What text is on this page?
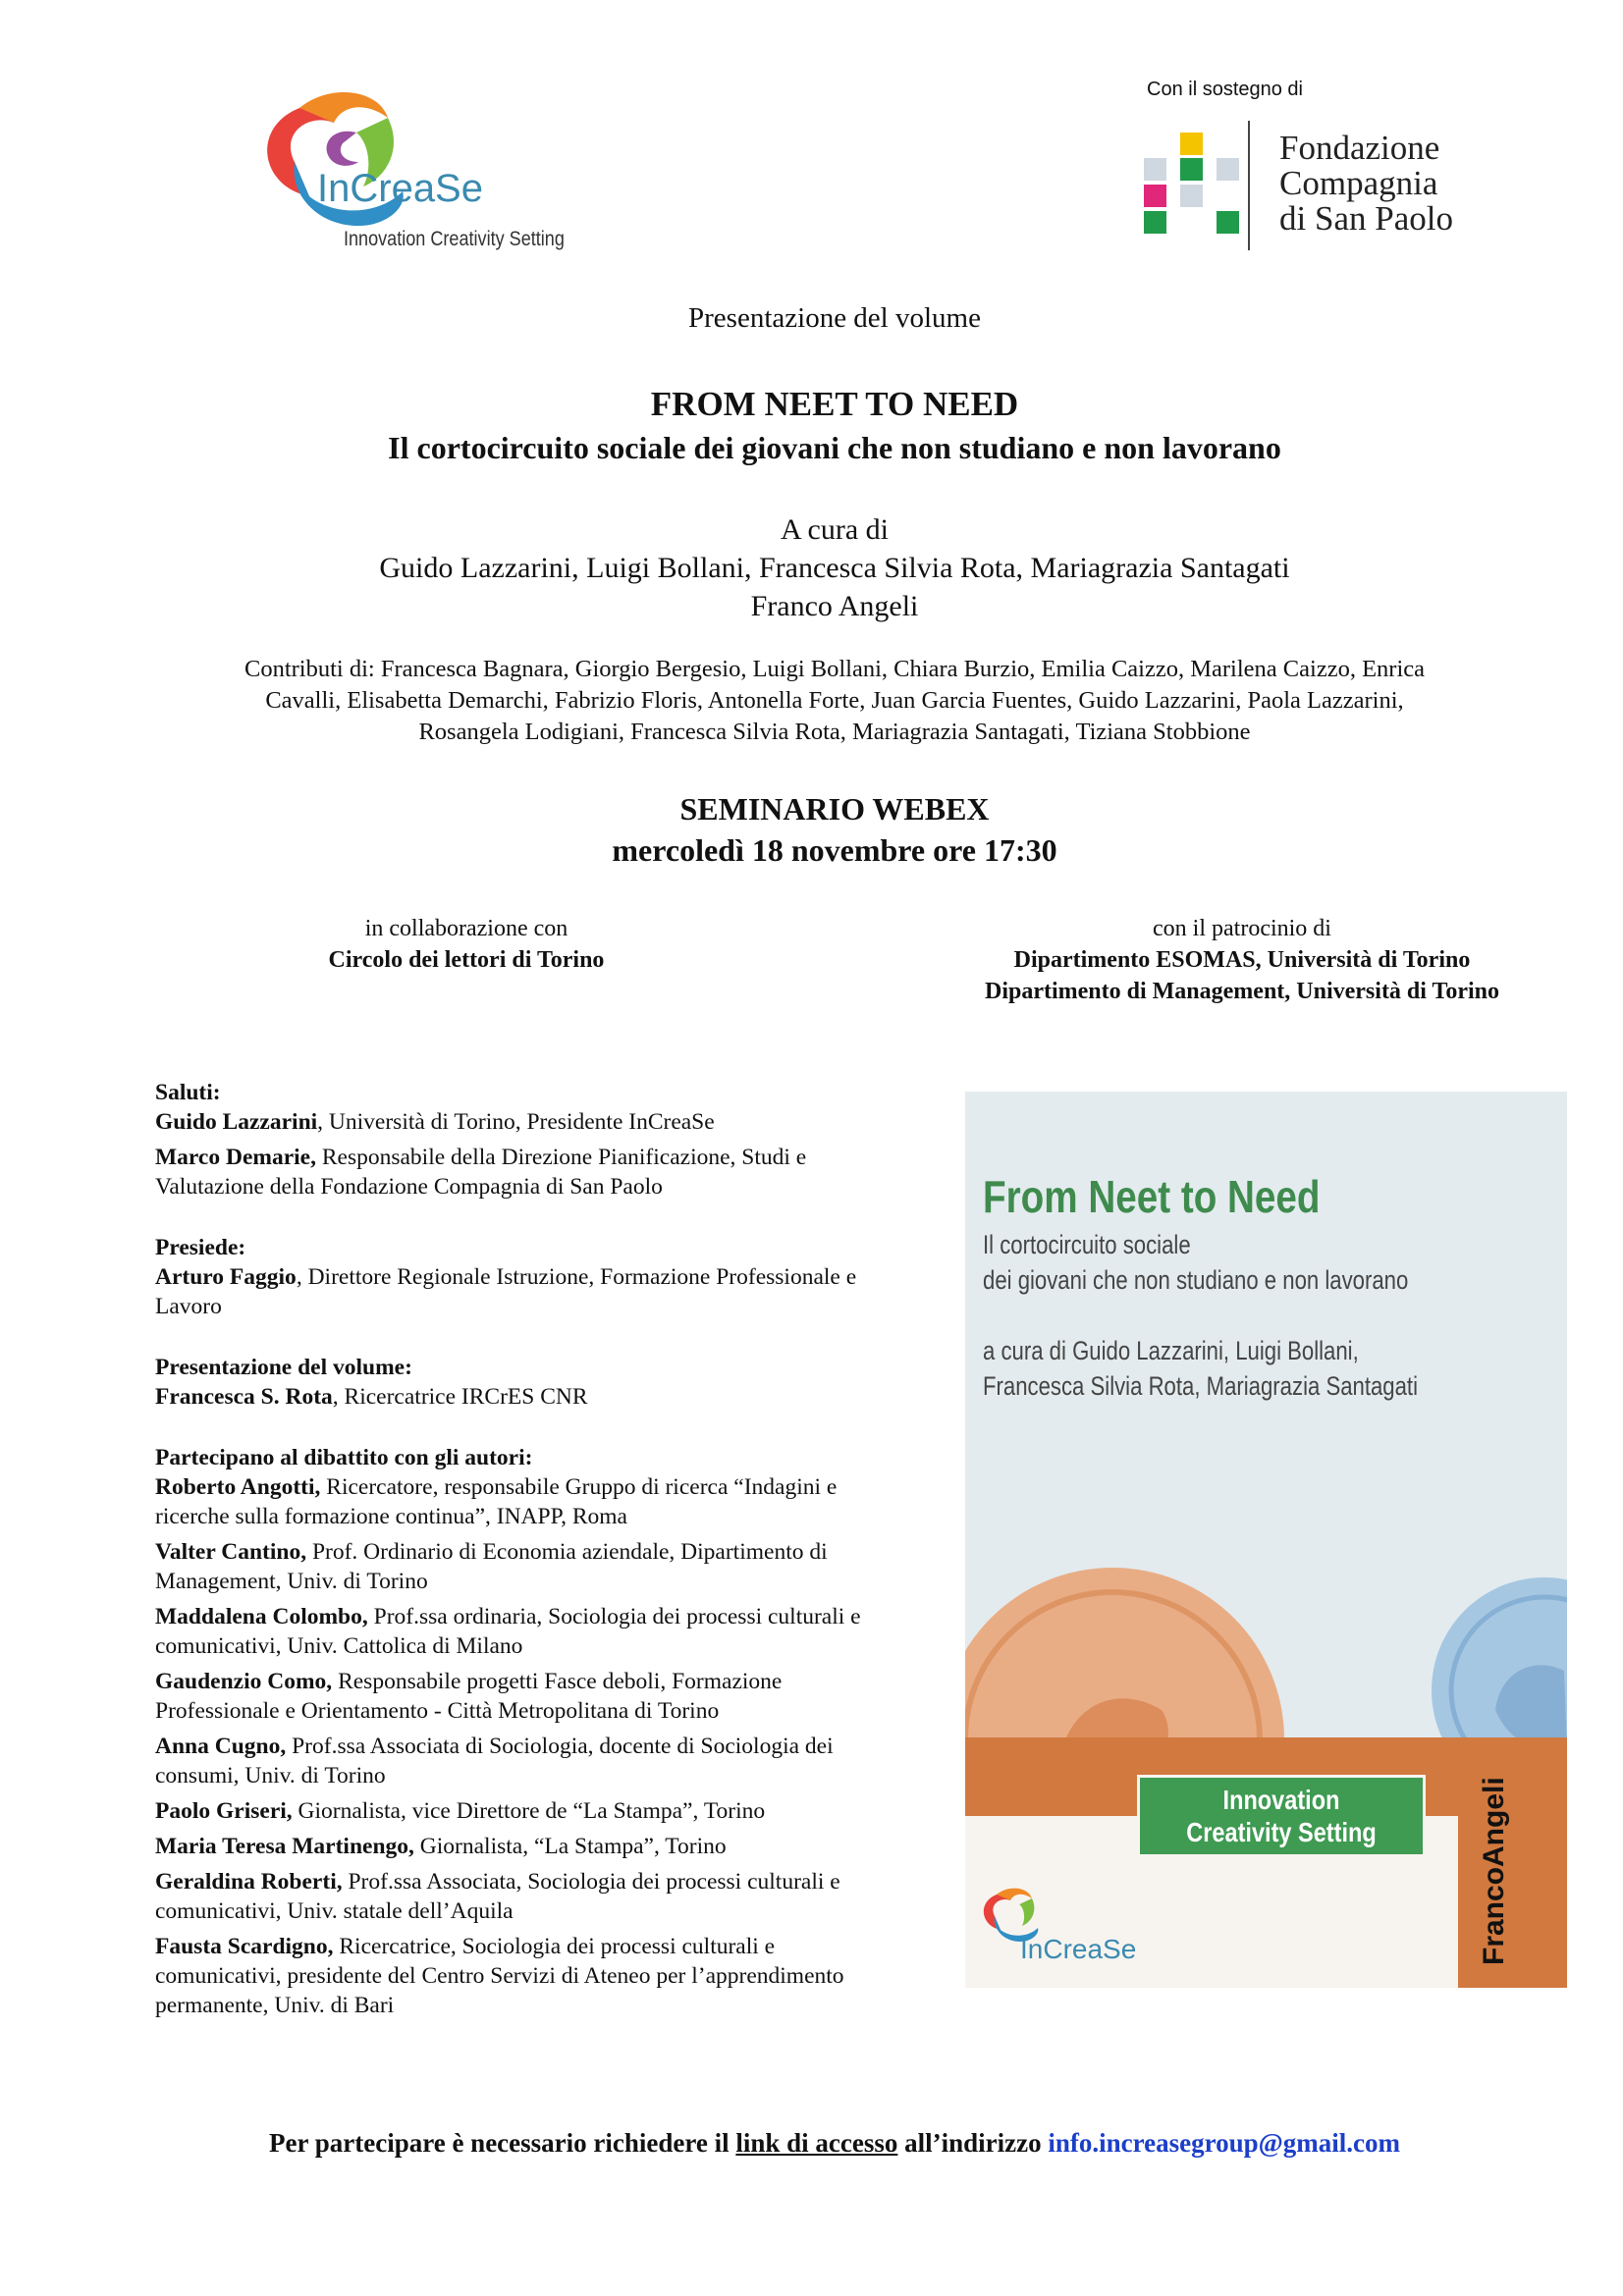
InCreaSe
Innovation Creativity Setting
Con il sostegno di
Fondazione
Compagnia
di San Paolo
Presentazione del volume
FROM NEET TO NEED
Il cortocircuito sociale dei giovani che non studiano e non lavorano
A cura di
Guido Lazzarini, Luigi Bollani, Francesca Silvia Rota, Mariagrazia Santagati
Franco Angeli
Contributi di: Francesca Bagnara, Giorgio Bergesio, Luigi Bollani, Chiara Burzio, Emilia Caizzo, Marilena Caizzo, Enrica
Cavalli, Elisabetta Demarchi, Fabrizio Floris, Antonella Forte, Juan Garcia Fuentes, Guido Lazzarini, Paola Lazzarini,
Rosangela Lodigiani, Francesca Silvia Rota, Mariagrazia Santagati, Tiziana Stobbione
SEMINARIO WEBEX
mercoledì 18 novembre ore 17:30
in collaborazione con
Circolo dei lettori di Torino
con il patrocinio di
Dipartimento ESOMAS, Università di Torino
Dipartimento di Management, Università di Torino
Saluti:
Guido Lazzarini, Università di Torino, Presidente InCreaSe
Marco Demarie, Responsabile della Direzione Pianificazione, Studi e Valutazione della Fondazione Compagnia di San Paolo
Presiede:
Arturo Faggio, Direttore Regionale Istruzione, Formazione Professionale e Lavoro
Presentazione del volume:
Francesca S. Rota, Ricercatrice IRCrES CNR
Partecipano al dibattito con gli autori:
Roberto Angotti, Ricercatore, responsabile Gruppo di ricerca “Indagini e ricerche sulla formazione continua”, INAPP, Roma
Valter Cantino, Prof. Ordinario di Economia aziendale, Dipartimento di Management, Univ. di Torino
Maddalena Colombo, Prof.ssa ordinaria, Sociologia dei processi culturali e comunicativi, Univ. Cattolica di Milano
Gaudenzio Como, Responsabile progetti Fasce deboli, Formazione Professionale e Orientamento - Città Metropolitana di Torino
Anna Cugno, Prof.ssa Associata di Sociologia, docente di Sociologia dei consumi, Univ. di Torino
Paolo Griseri, Giornalista, vice Direttore de “La Stampa”, Torino
Maria Teresa Martinengo, Giornalista, “La Stampa”, Torino
Geraldina Roberti, Prof.ssa Associata, Sociologia dei processi culturali e comunicativi, Univ. statale dell’Aquila
Fausta Scardigno, Ricercatrice, Sociologia dei processi culturali e comunicativi, presidente del Centro Servizi di Ateneo per l’apprendimento permanente, Univ. di Bari
From Neet to Need
Il cortocircuito sociale
dei giovani che non studiano e non lavorano
a cura di Guido Lazzarini, Luigi Bollani,
Francesca Silvia Rota, Mariagrazia Santagati
Innovation
Creativity Setting
InCreaSe	FrancoAngeli
Per partecipare è necessario richiedere il link di accesso all’indirizzo info.increasegroup@gmail.com
